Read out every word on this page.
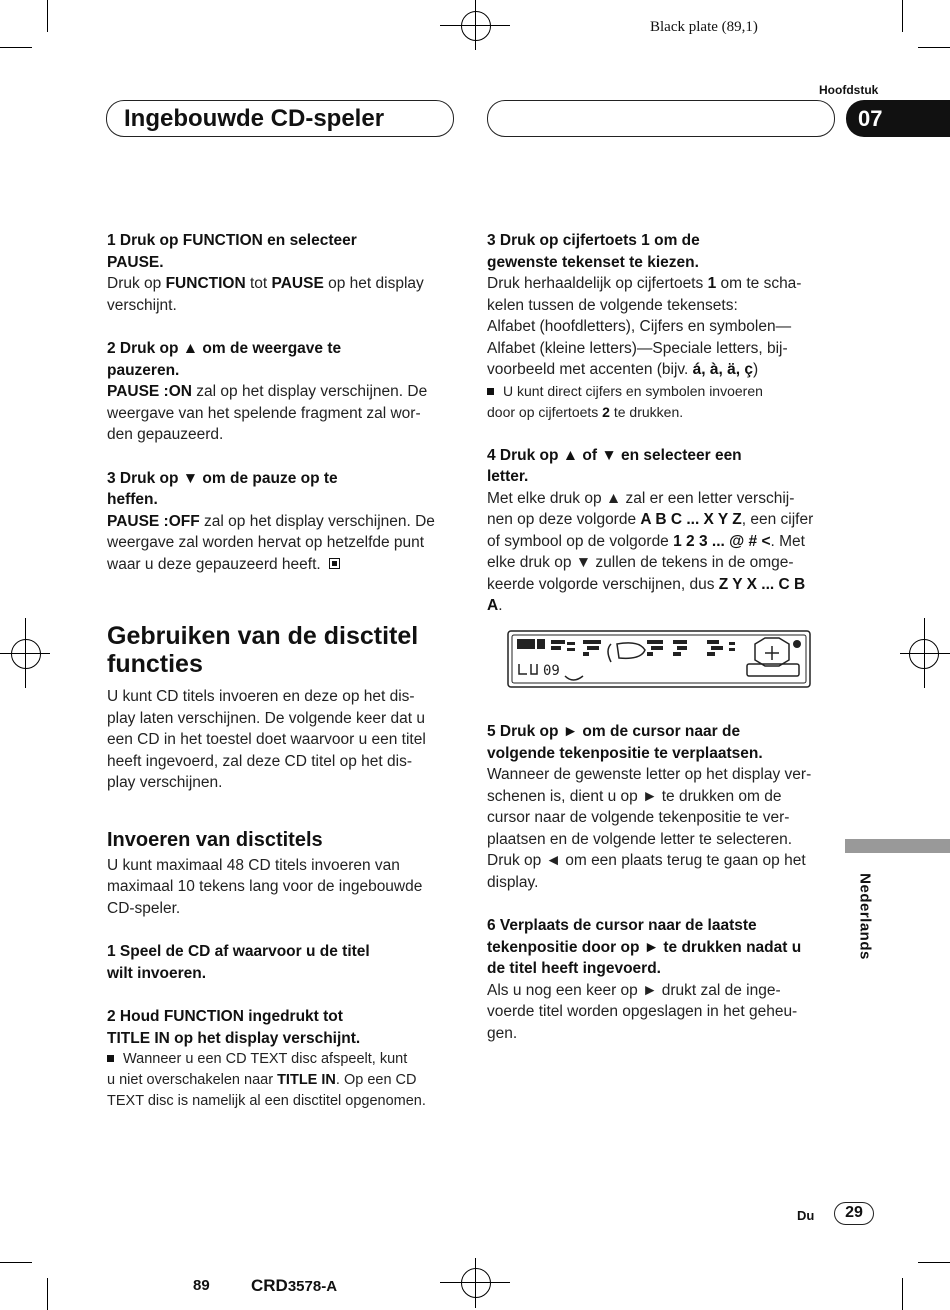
Black plate (89,1)
Hoofdstuk
Ingebouwde CD-speler	07
1 Druk op FUNCTION en selecteer
PAUSE.
Druk op FUNCTION tot PAUSE op het display
verschijnt.
2 Druk op ▲ om de weergave te
pauzeren.
PAUSE :ON zal op het display verschijnen. De
weergave van het spelende fragment zal wor-
den gepauzeerd.
3 Druk op ▼ om de pauze op te
heffen.
PAUSE :OFF zal op het display verschijnen. De
weergave zal worden hervat op hetzelfde punt
waar u deze gepauzeerd heeft.
Gebruiken van de disctitel
functies
U kunt CD titels invoeren en deze op het dis-
play laten verschijnen. De volgende keer dat u
een CD in het toestel doet waarvoor u een titel
heeft ingevoerd, zal deze CD titel op het dis-
play verschijnen.
Invoeren van disctitels
U kunt maximaal 48 CD titels invoeren van
maximaal 10 tekens lang voor de ingebouwde
CD-speler.
1 Speel de CD af waarvoor u de titel
wilt invoeren.
2 Houd FUNCTION ingedrukt tot
TITLE IN op het display verschijnt.
Wanneer u een CD TEXT disc afspeelt, kunt
u niet overschakelen naar TITLE IN. Op een CD
TEXT disc is namelijk al een disctitel opgenomen.
3 Druk op cijfertoets 1 om de
gewenste tekenset te kiezen.
Druk herhaaldelijk op cijfertoets 1 om te scha-
kelen tussen de volgende tekensets:
Alfabet (hoofdletters), Cijfers en symbolen—
Alfabet (kleine letters)—Speciale letters, bij-
voorbeeld met accenten (bijv. á, à, ä, ç)
U kunt direct cijfers en symbolen invoeren
door op cijfertoets 2 te drukken.
4 Druk op ▲ of ▼ en selecteer een
letter.
Met elke druk op ▲ zal er een letter verschij-
nen op deze volgorde A B C ... X Y Z, een cijfer
of symbool op de volgorde 1 2 3 ... @ # <. Met
elke druk op ▼ zullen de tekens in de omge-
keerde volgorde verschijnen, dus Z Y X ... C B
A.
09
5 Druk op ► om de cursor naar de
volgende tekenpositie te verplaatsen.
Wanneer de gewenste letter op het display ver-
schenen is, dient u op ► te drukken om de
cursor naar de volgende tekenpositie te ver-
plaatsen en de volgende letter te selecteren.
Druk op ◄ om een plaats terug te gaan op het
display.
6 Verplaats de cursor naar de laatste
tekenpositie door op ► te drukken nadat u
de titel heeft ingevoerd.
Als u nog een keer op ► drukt zal de inge-
voerde titel worden opgeslagen in het geheu-
gen.
Nederlands
Du	29
89 CRD3578-A
